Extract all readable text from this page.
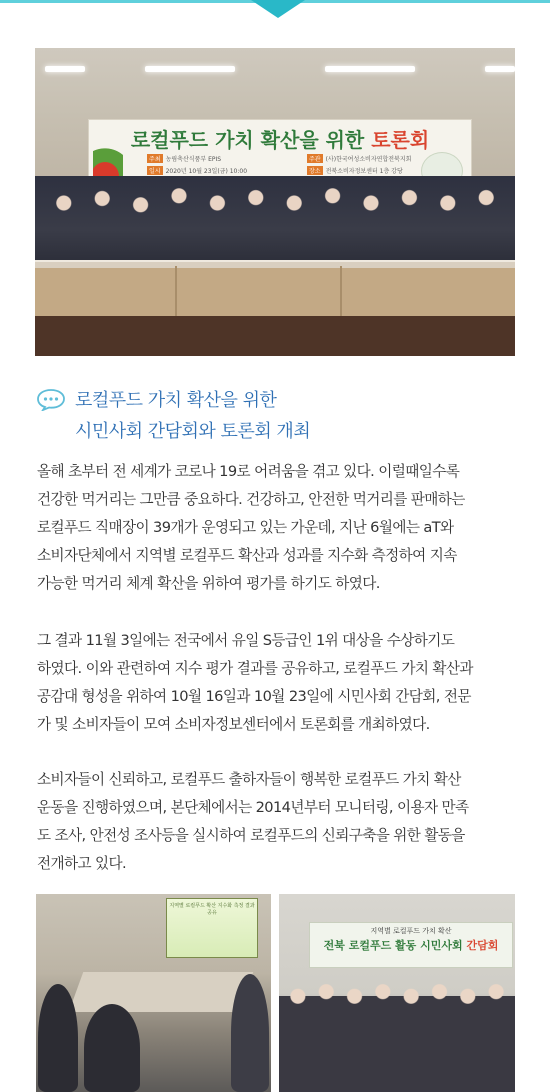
로컬푸드 가치 확산을 위한 토론회
주최 농림축산식품부 EPIS
일시 2020년 10월 23일(금) 10:00
주관 (사)한국여성소비자연합전북지회
장소 전북소비자정보센터 1층 강당
로컬푸드 가치 확산을 위한
시민사회 간담회와 토론회 개최
올해 초부터 전 세계가 코로나 19로 어려움을 겪고 있다. 이럴때일수록
건강한 먹거리는 그만큼 중요하다. 건강하고, 안전한 먹거리를 판매하는
로컬푸드 직매장이 39개가 운영되고 있는 가운데, 지난 6월에는 aT와
소비자단체에서 지역별 로컬푸드 확산과 성과를 지수화 측정하여 지속
가능한 먹거리 체계 확산을 위하여 평가를 하기도 하였다.
그 결과 11월 3일에는 전국에서 유일 S등급인 1위 대상을 수상하기도
하였다. 이와 관련하여 지수 평가 결과를 공유하고, 로컬푸드 가치 확산과
공감대 형성을 위하여 10월 16일과 10월 23일에 시민사회 간담회, 전문
가 및 소비자들이 모여 소비자정보센터에서 토론회를 개최하였다.
소비자들이 신뢰하고, 로컬푸드 출하자들이 행복한 로컬푸드 가치 확산
운동을 진행하였으며, 본단체에서는 2014년부터 모니터링, 이용자 만족
도 조사, 안전성 조사등을 실시하여 로컬푸드의 신뢰구축을 위한 활동을
전개하고 있다.
지역별 로컬푸드 확산 지수화 측정 결과 공유
지역별 로컬푸드 가치 확산
전북 로컬푸드 활동 시민사회 간담회
